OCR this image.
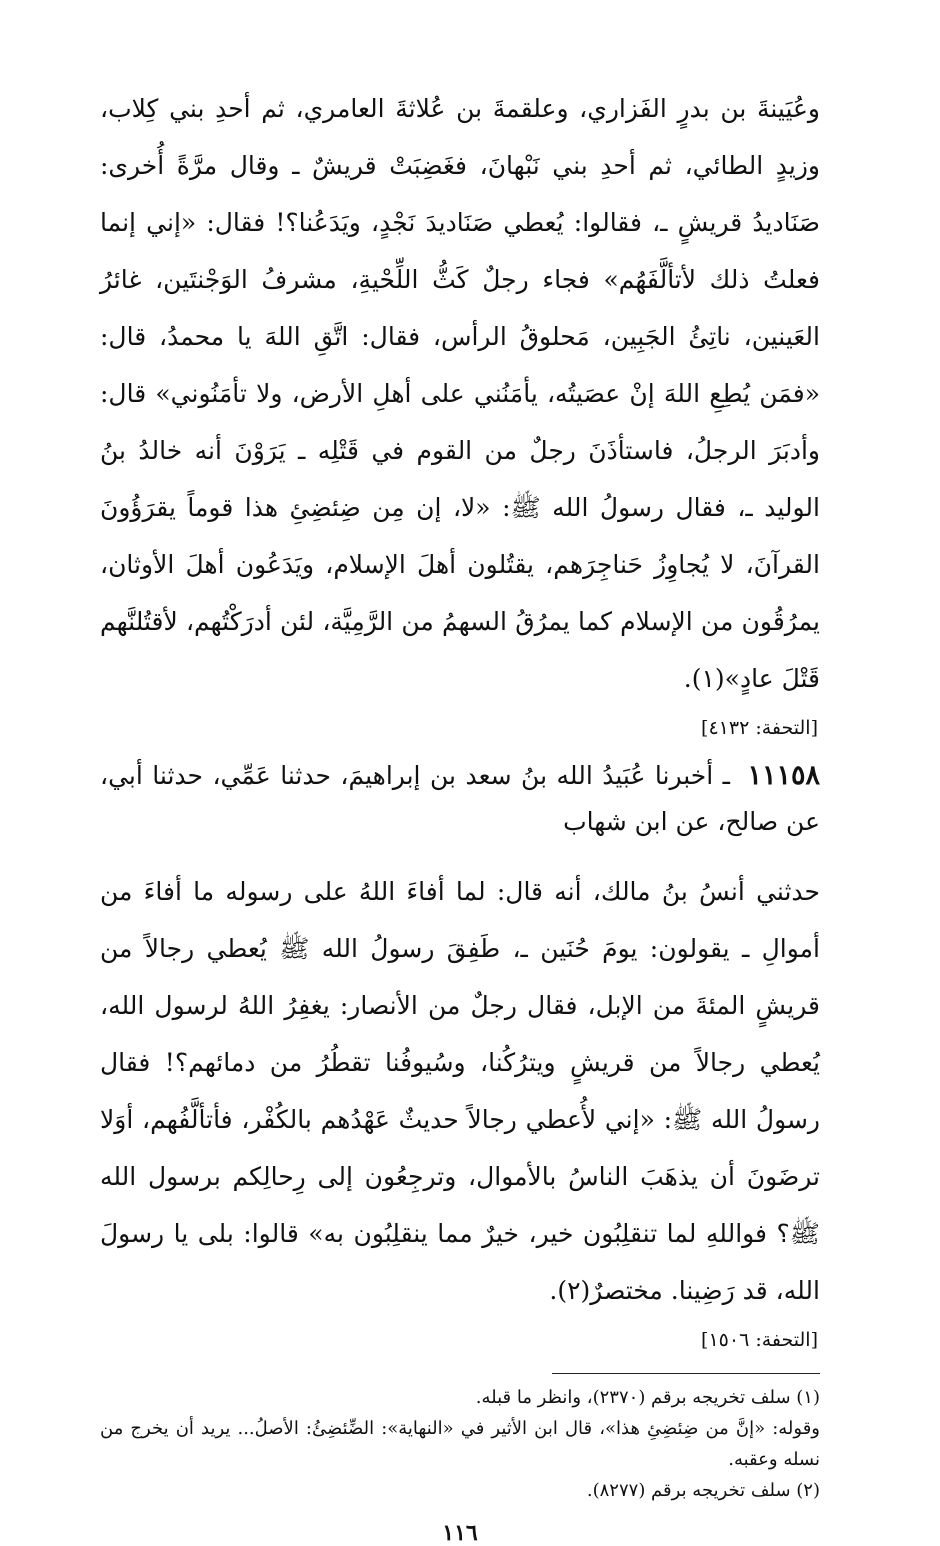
وعُيَينةَ بن بدرٍ الفَزاري، وعلقمةَ بن عُلاثةَ العامري، ثم أحدِ بني كِلاب، وزيدٍ الطائي، ثم أحدِ بني نَبْهانَ، فغَضِبَتْ قريشٌ ـ وقال مرَّةً أُخرى: صَنَاديدُ قريشٍ ـ، فقالوا: يُعطي صَنَاديدَ نَجْدٍ، ويَدَعُنا؟! فقال: «إني إنما فعلتُ ذلك لأتألَّفَهُم» فجاء رجلٌ كَثُّ اللِّحْيةِ، مشرفُ الوَجْنتَين، غائرُ العَينين، ناتِئُ الجَبِين، مَحلوقُ الرأس، فقال: اتَّقِ اللهَ يا محمدُ، قال: «فمَن يُطِعِ اللهَ إنْ عصَيتُه، يأمَنُني على أهلِ الأرض، ولا تأمَنُوني» قال: وأدبَرَ الرجلُ، فاستأذَنَ رجلٌ من القوم في قَتْلِه ـ يَرَوْنَ أنه خالدُ بنُ الوليد ـ، فقال رسولُ الله ﷺ: «لا، إن مِن ضِئضِئِ هذا قوماً يقرَؤُونَ القرآنَ، لا يُجاوِزُ حَناجِرَهم، يقتُلون أهلَ الإسلام، ويَدَعُون أهلَ الأوثان، يمرُقُون من الإسلام كما يمرُقُ السهمُ من الرَّمِيَّة، لئن أدرَكْتُهم، لأقتُلنَّهم قَتْلَ عادٍ»(١).

[التحفة: ٤١٣٢]
١١١٥٨ ـ أخبرنا عُبَيدُ الله بنُ سعد بن إبراهيمَ، حدثنا عَمِّي، حدثنا أبي، عن صالح، عن ابن شهاب

حدثني أنسُ بنُ مالك، أنه قال: لما أفاءَ اللهُ على رسوله ما أفاءَ من أموالِ ـ يقولون: يومَ حُنَين ـ، طَفِقَ رسولُ الله ﷺ يُعطي رجالاً من قريشٍ المئةَ من الإبل، فقال رجلٌ من الأنصار: يغفِرُ اللهُ لرسول الله، يُعطي رجالاً من قريشٍ ويترُكُنا، وسُيوفُنا تقطُرُ من دمائهم؟! فقال رسولُ الله ﷺ: «إني لأُعطي رجالاً حديثٌ عَهْدُهم بالكُفْر، فأتألَّفُهم، أوَلا ترضَونَ أن يذهَبَ الناسُ بالأموال، وترجِعُون إلى رِحالِكم برسول الله ﷺ؟ فواللهِ لما تنقلِبُون خير، خيرٌ مما ينقلِبُون به» قالوا: بلى يا رسولَ الله، قد رَضِينا. مختصرٌ(٢).

[التحفة: ١٥٠٦]

(١) سلف تخريجه برقم (٢٣٧٠)، وانظر ما قبله.

وقوله: «إنَّ من ضِئضِئِ هذا»، قال ابن الأثير في «النهاية»: الضِّئضِئُ: الأصلُ... يريد أن يخرج من نسله وعقبه.

(٢) سلف تخريجه برقم (٨٢٧٧).

١١٦
